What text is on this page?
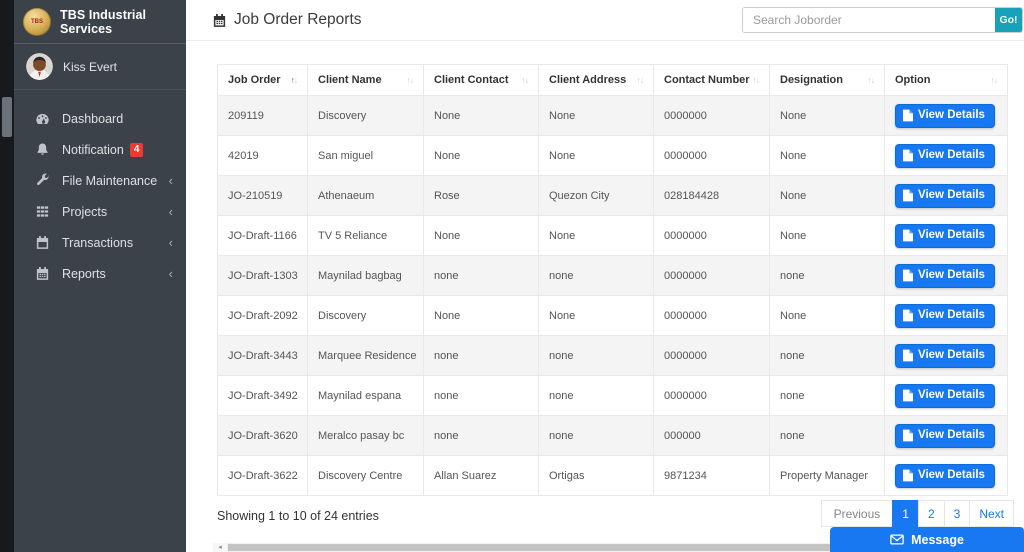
TBS TBS Industrial Services
Kiss Evert
Dashboard
Notification	4
File Maintenance ‹
Projects	‹
Transactions	‹
Reports	‹
Job Order Reports
Search Joborder	Go!
Job Order ↑↓	Client Name ↑↓	Client Contact ↑↓	Client Address ↑↓	Contact Number ↑↓	Designation ↑↓	Option ↑↓

209119	Discovery	None	None	0000000	None	View Details

42019	San miguel	None	None	0000000	None	View Details

JO-210519	Athenaeum	Rose	Quezon City	028184428	None	View Details

JO-Draft-1166	TV 5 Reliance	None	None	0000000	None	View Details

JO-Draft-1303	Maynilad bagbag	none	none	0000000	none	View Details

JO-Draft-2092	Discovery	None	None	0000000	None	View Details

JO-Draft-3443	Marquee Residence	none	none	0000000	none	View Details

JO-Draft-3492	Maynilad espana	none	none	0000000	none	View Details

JO-Draft-3620	Meralco pasay bc	none	none	000000	none	View Details

JO-Draft-3622	Discovery Centre	Allan Suarez	Ortigas	9871234	Property Manager	View Details
Showing 1 to 10 of 24 entries	Previous	1	2	3	Next
Message
◂
